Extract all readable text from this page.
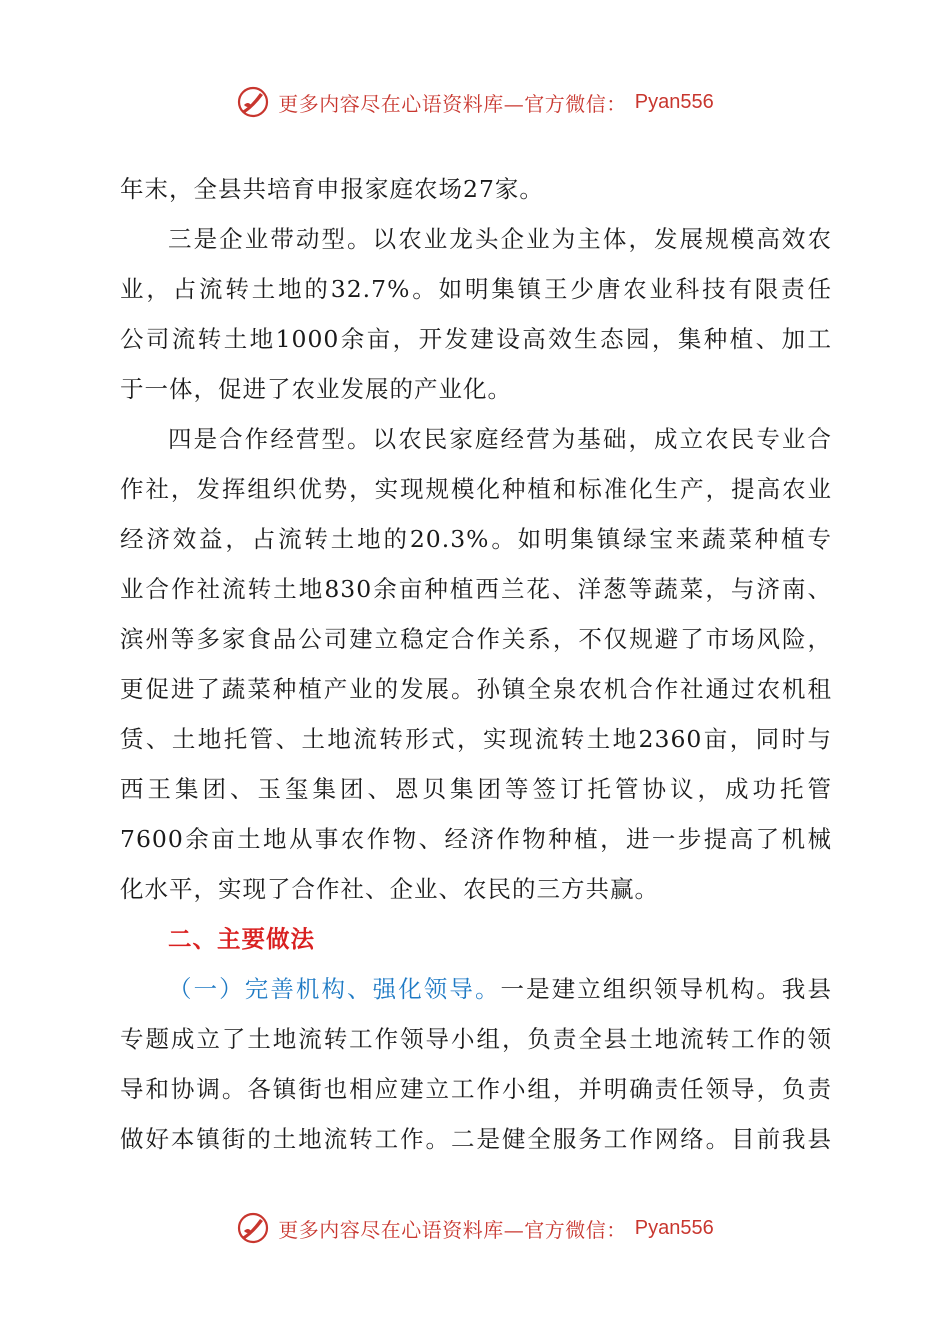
更多内容尽在心语资料库—官方微信： Pyan556

年末，全县共培育申报家庭农场27家。

三是企业带动型。以农业龙头企业为主体，发展规模高效农

业，占流转土地的32.7%。如明集镇王少唐农业科技有限责任

公司流转土地1000余亩，开发建设高效生态园，集种植、加工

于一体，促进了农业发展的产业化。

四是合作经营型。以农民家庭经营为基础，成立农民专业合

作社，发挥组织优势，实现规模化种植和标准化生产，提高农业

经济效益，占流转土地的20.3%。如明集镇绿宝来蔬菜种植专

业合作社流转土地830余亩种植西兰花、洋葱等蔬菜，与济南、

滨州等多家食品公司建立稳定合作关系，不仅规避了市场风险，

更促进了蔬菜种植产业的发展。孙镇全泉农机合作社通过农机租

赁、土地托管、土地流转形式，实现流转土地2360亩，同时与

西王集团、玉玺集团、恩贝集团等签订托管协议，成功托管

7600余亩土地从事农作物、经济作物种植，进一步提高了机械

化水平，实现了合作社、企业、农民的三方共赢。

二、主要做法

（一）完善机构、强化领导。一是建立组织领导机构。我县

专题成立了土地流转工作领导小组，负责全县土地流转工作的领

导和协调。各镇街也相应建立工作小组，并明确责任领导，负责

做好本镇街的土地流转工作。二是健全服务工作网络。目前我县

更多内容尽在心语资料库—官方微信： Pyan556
